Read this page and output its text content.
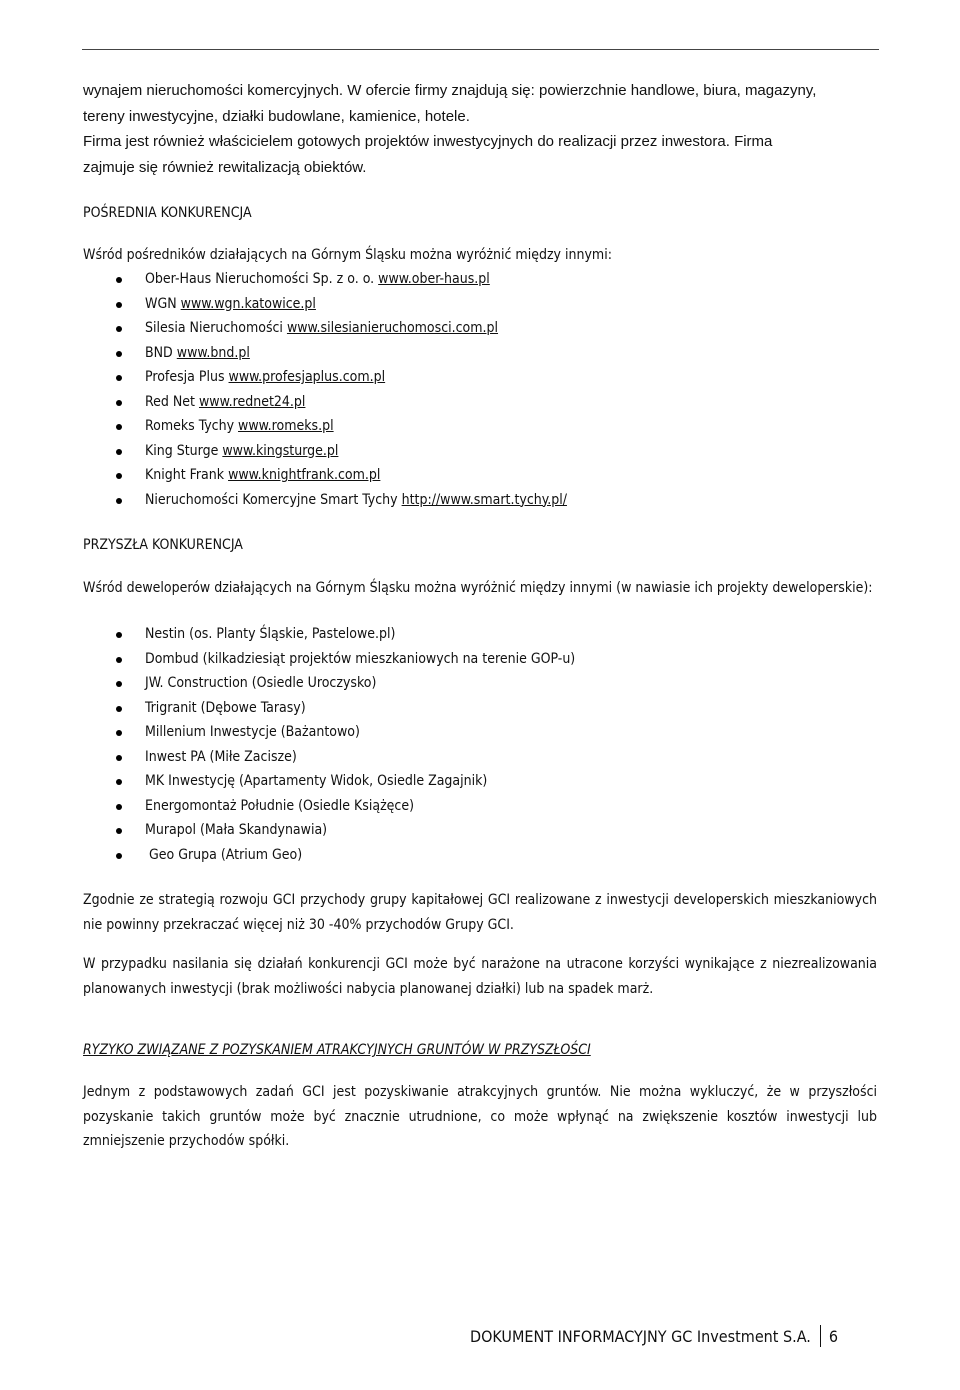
wynajem nieruchomości komercyjnych. W ofercie firmy znajdują się: powierzchnie handlowe, biura, magazyny,

tereny inwestycyjne, działki budowlane, kamienice, hotele.

Firma jest również właścicielem gotowych projektów inwestycyjnych do realizacji przez inwestora. Firma

zajmuje się również rewitalizacją obiektów.

POŚREDNIA KONKURENCJA
Wśród pośredników działających na Górnym Śląsku można wyróżnić między innymi:
Ober-Haus Nieruchomości Sp. z o. o. www.ober-haus.pl
WGN www.wgn.katowice.pl
Silesia Nieruchomości www.silesianieruchomosci.com.pl
BND www.bnd.pl
Profesja Plus www.profesjaplus.com.pl
Red Net www.rednet24.pl
Romeks Tychy www.romeks.pl
King Sturge www.kingsturge.pl
Knight Frank www.knightfrank.com.pl
Nieruchomości Komercyjne Smart Tychy http://www.smart.tychy.pl/
PRZYSZŁA KONKURENCJA
Wśród deweloperów działających na Górnym Śląsku można wyróżnić między innymi (w nawiasie ich projekty deweloperskie):
Nestin (os. Planty Śląskie, Pastelowe.pl)
Dombud (kilkadziesiąt projektów mieszkaniowych na terenie GOP-u)
JW. Construction (Osiedle Uroczysko)
Trigranit (Dębowe Tarasy)
Millenium Inwestycje (Bażantowo)
Inwest PA (Miłe Zacisze)
MK Inwestycję (Apartamenty Widok, Osiedle Zagajnik)
Energomontaż Południe (Osiedle Książęce)
Murapol (Mała Skandynawia)
Geo Grupa (Atrium Geo)
Zgodnie ze strategią rozwoju GCI przychody grupy kapitałowej GCI realizowane z inwestycji developerskich mieszkaniowych nie powinny przekraczać więcej niż 30 -40% przychodów Grupy GCI.
W przypadku nasilania się działań konkurencji GCI może być narażone na utracone korzyści wynikające z niezrealizowania planowanych inwestycji (brak możliwości nabycia planowanej działki) lub na spadek marż.
RYZYKO ZWIĄZANE Z POZYSKANIEM ATRAKCYJNYCH GRUNTÓW W PRZYSZŁOŚCI
Jednym z podstawowych zadań GCI jest pozyskiwanie atrakcyjnych gruntów. Nie można wykluczyć, że w przyszłości pozyskanie takich gruntów może być znacznie utrudnione, co może wpłynąć na zwiększenie kosztów inwestycji lub zmniejszenie przychodów spółki.
DOKUMENT INFORMACYJNY GC Investment S.A. 6
